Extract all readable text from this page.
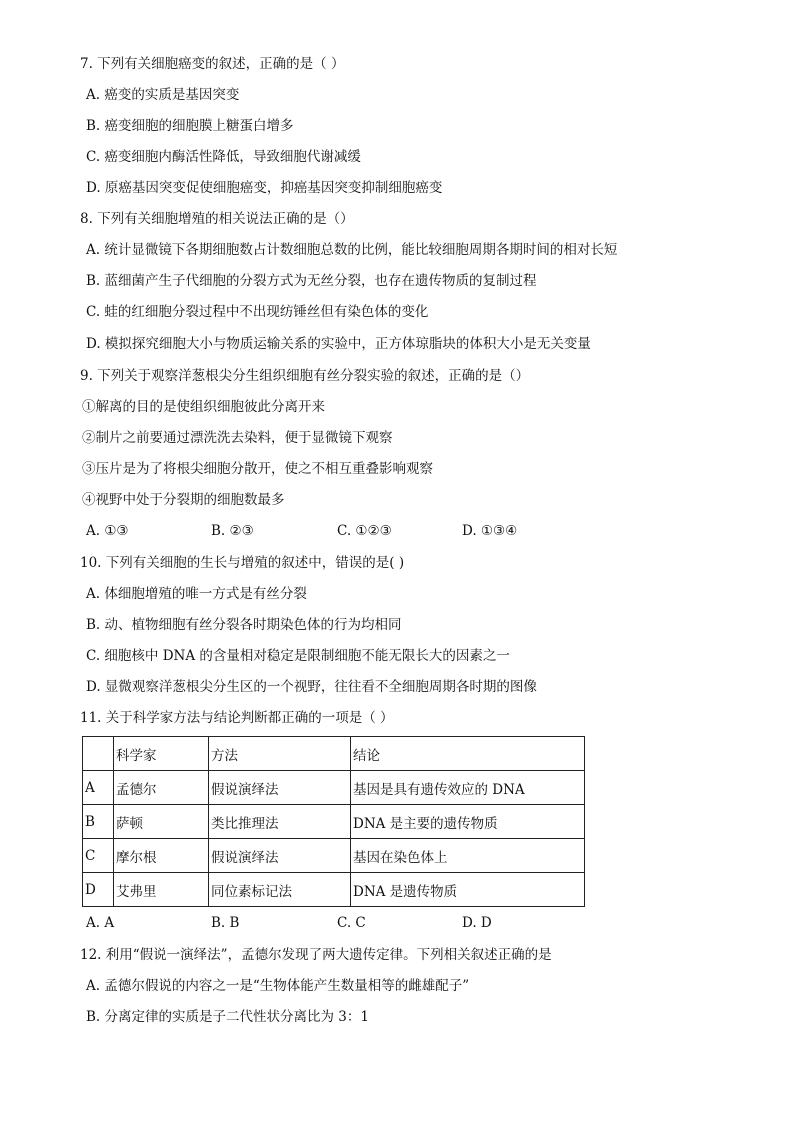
7. 下列有关细胞癌变的叙述，正确的是（ ）
A. 癌变的实质是基因突变
B. 癌变细胞的细胞膜上糖蛋白增多
C. 癌变细胞内酶活性降低，导致细胞代谢减缓
D. 原癌基因突变促使细胞癌变，抑癌基因突变抑制细胞癌变
8. 下列有关细胞增殖的相关说法正确的是（）
A. 统计显微镜下各期细胞数占计数细胞总数的比例，能比较细胞周期各期时间的相对长短
B. 蓝细菌产生子代细胞的分裂方式为无丝分裂，也存在遗传物质的复制过程
C. 蛙的红细胞分裂过程中不出现纺锤丝但有染色体的变化
D. 模拟探究细胞大小与物质运输关系的实验中，正方体琼脂块的体积大小是无关变量
9. 下列关于观察洋葱根尖分生组织细胞有丝分裂实验的叙述，正确的是（）
①解离的目的是使组织细胞彼此分离开来
②制片之前要通过漂洗洗去染料，便于显微镜下观察
③压片是为了将根尖细胞分散开，使之不相互重叠影响观察
④视野中处于分裂期的细胞数最多
A. ①③	B. ②③	C. ①②③	D. ①③④
10. 下列有关细胞的生长与增殖的叙述中，错误的是( )
A. 体细胞增殖的唯一方式是有丝分裂
B. 动、植物细胞有丝分裂各时期染色体的行为均相同
C. 细胞核中 DNA 的含量相对稳定是限制细胞不能无限长大的因素之一
D. 显微观察洋葱根尖分生区的一个视野，往往看不全细胞周期各时期的图像
11. 关于科学家方法与结论判断都正确的一项是（ ）
	科学家	方法	结论
A	孟德尔	假说演绎法	基因是具有遗传效应的 DNA
B	萨顿	类比推理法	DNA 是主要的遗传物质
C	摩尔根	假说演绎法	基因在染色体上
D	艾弗里	同位素标记法	DNA 是遗传物质
A. A	B. B	C. C	D. D
12. 利用“假说一演绎法”，孟德尔发现了两大遗传定律。下列相关叙述正确的是
A. 孟德尔假说的内容之一是“生物体能产生数量相等的雌雄配子”
B. 分离定律的实质是子二代性状分离比为 3：1
